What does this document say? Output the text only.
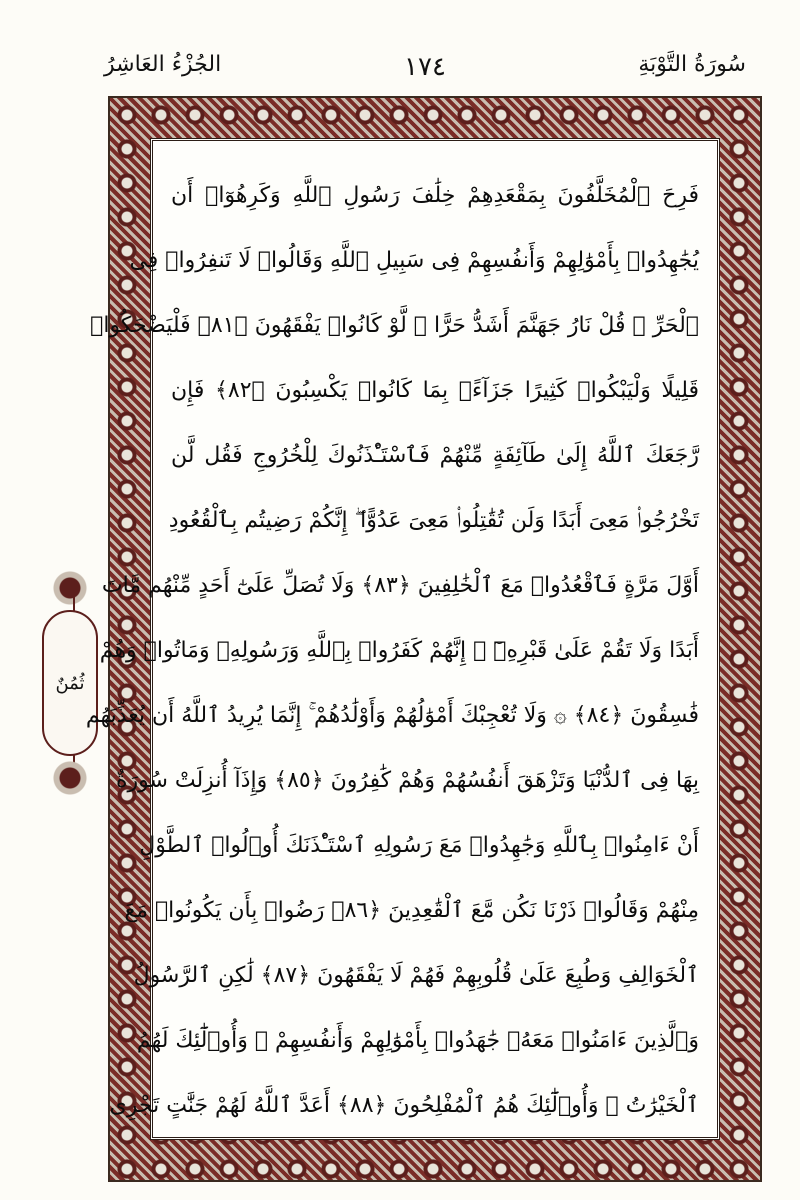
سُورَةُ التَّوْبَةِ
١٧٤
الجُزْءُ العَاشِرُ
ثُمُنٌ
فَرِحَ ٱلْمُخَلَّفُونَ بِمَقْعَدِهِمْ خِلَٰفَ رَسُولِ ٱللَّهِ وَكَرِهُوٓا۟ أَن
يُجَٰهِدُوا۟ بِأَمْوَٰلِهِمْ وَأَنفُسِهِمْ فِى سَبِيلِ ٱللَّهِ وَقَالُوا۟ لَا تَنفِرُوا۟ فِى
ٱلْحَرِّ ۗ قُلْ نَارُ جَهَنَّمَ أَشَدُّ حَرًّا ۚ لَّوْ كَانُوا۟ يَفْقَهُونَ ﴿٨١﴾ فَلْيَضْحَكُوا۟
قَلِيلًا وَلْيَبْكُوا۟ كَثِيرًا جَزَآءًۢ بِمَا كَانُوا۟ يَكْسِبُونَ ﴿٨٢﴾ فَإِن
رَّجَعَكَ ٱللَّهُ إِلَىٰ طَآئِفَةٍ مِّنْهُمْ فَٱسْتَـْٔذَنُوكَ لِلْخُرُوجِ فَقُل لَّن
تَخْرُجُوا۟ مَعِىَ أَبَدًا وَلَن تُقَٰتِلُوا۟ مَعِىَ عَدُوًّا ۖ إِنَّكُمْ رَضِيتُم بِٱلْقُعُودِ
أَوَّلَ مَرَّةٍ فَٱقْعُدُوا۟ مَعَ ٱلْخَٰلِفِينَ ﴿٨٣﴾ وَلَا تُصَلِّ عَلَىٰٓ أَحَدٍ مِّنْهُم مَّاتَ
أَبَدًا وَلَا تَقُمْ عَلَىٰ قَبْرِهِۦٓ ۖ إِنَّهُمْ كَفَرُوا۟ بِٱللَّهِ وَرَسُولِهِۦ وَمَاتُوا۟ وَهُمْ
فَٰسِقُونَ ﴿٨٤﴾ ۞ وَلَا تُعْجِبْكَ أَمْوَٰلُهُمْ وَأَوْلَٰدُهُمْ ۚ إِنَّمَا يُرِيدُ ٱللَّهُ أَن يُعَذِّبَهُم
بِهَا فِى ٱلدُّنْيَا وَتَزْهَقَ أَنفُسُهُمْ وَهُمْ كَٰفِرُونَ ﴿٨٥﴾ وَإِذَآ أُنزِلَتْ سُورَةٌ
أَنْ ءَامِنُوا۟ بِٱللَّهِ وَجَٰهِدُوا۟ مَعَ رَسُولِهِ ٱسْتَـْٔذَنَكَ أُو۟لُوا۟ ٱلطَّوْلِ
مِنْهُمْ وَقَالُوا۟ ذَرْنَا نَكُن مَّعَ ٱلْقَٰعِدِينَ ﴿٨٦﴾ رَضُوا۟ بِأَن يَكُونُوا۟ مَعَ
ٱلْخَوَالِفِ وَطُبِعَ عَلَىٰ قُلُوبِهِمْ فَهُمْ لَا يَفْقَهُونَ ﴿٨٧﴾ لَٰكِنِ ٱلرَّسُولُ
وَٱلَّذِينَ ءَامَنُوا۟ مَعَهُۥ جَٰهَدُوا۟ بِأَمْوَٰلِهِمْ وَأَنفُسِهِمْ ۚ وَأُو۟لَٰٓئِكَ لَهُمُ
ٱلْخَيْرَٰتُ ۖ وَأُو۟لَٰٓئِكَ هُمُ ٱلْمُفْلِحُونَ ﴿٨٨﴾ أَعَدَّ ٱللَّهُ لَهُمْ جَنَّٰتٍ تَجْرِى
